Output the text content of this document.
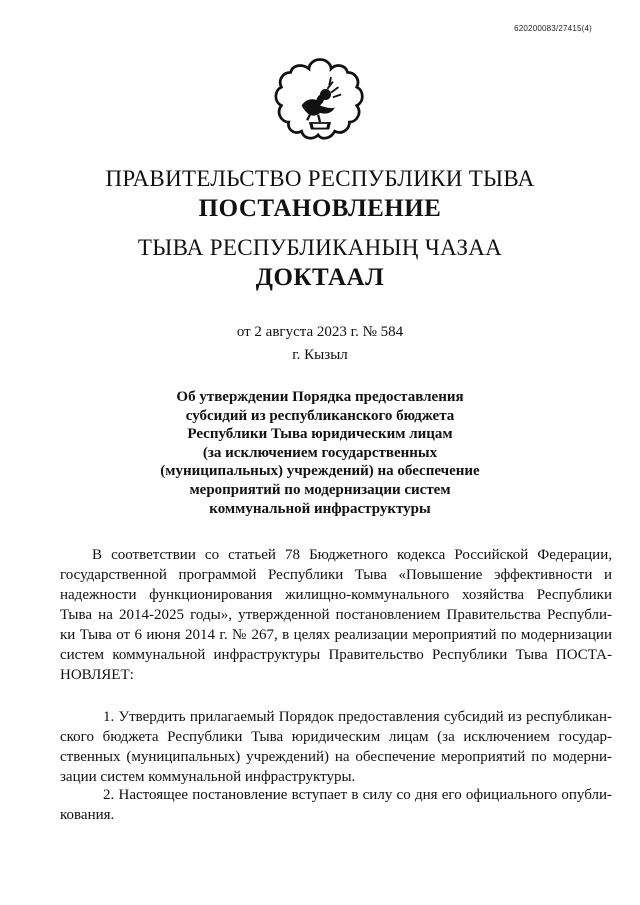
620200083/27415(4)
ПРАВИТЕЛЬСТВО РЕСПУБЛИКИ ТЫВА
ПОСТАНОВЛЕНИЕ
ТЫВА РЕСПУБЛИКАНЫҢ ЧАЗАА
ДОКТААЛ
от 2 августа 2023 г. № 584
г. Кызыл
Об утверждении Порядка предоставления
субсидий из республиканского бюджета
Республики Тыва юридическим лицам
(за исключением государственных
(муниципальных) учреждений) на обеспечение
мероприятий по модернизации систем
коммунальной инфраструктуры
В соответствии со статьей 78 Бюджетного кодекса Российской Федерации,
государственной программой Республики Тыва «Повышение эффективности и
надежности функционирования жилищно-коммунального хозяйства Республики
Тыва на 2014-2025 годы», утвержденной постановлением Правительства Республи-
ки Тыва от 6 июня 2014 г. № 267, в целях реализации мероприятий по модернизации
систем коммунальной инфраструктуры Правительство Республики Тыва ПОСТА-
НОВЛЯЕТ:
1. Утвердить прилагаемый Порядок предоставления субсидий из республикан-
ского бюджета Республики Тыва юридическим лицам (за исключением государ-
ственных (муниципальных) учреждений) на обеспечение мероприятий по модерни-
зации систем коммунальной инфраструктуры.
2. Настоящее постановление вступает в силу со дня его официального опубли-
кования.
